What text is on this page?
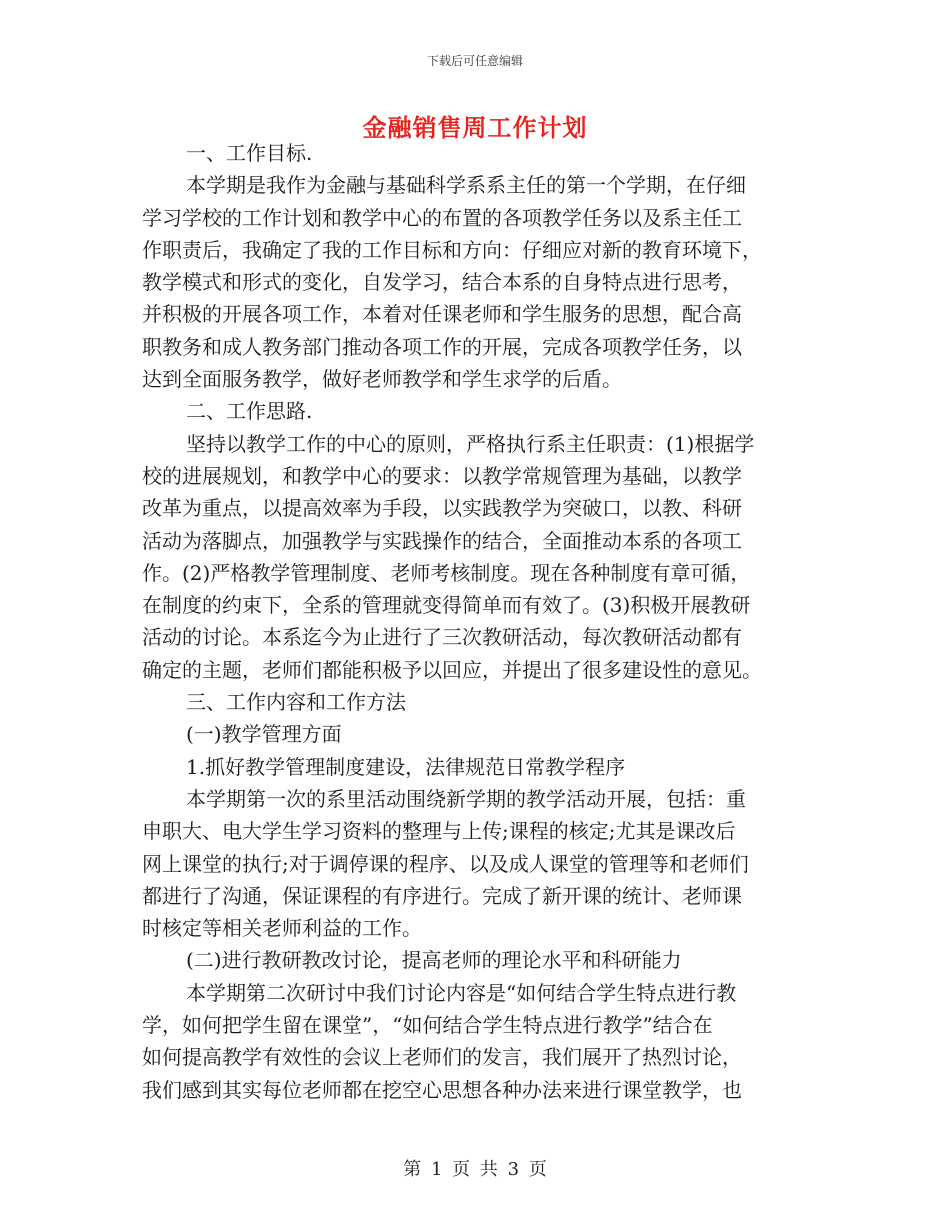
下载后可任意编辑
金融销售周工作计划
一、工作目标.
本学期是我作为金融与基础科学系系主任的第一个学期，在仔细
学习学校的工作计划和教学中心的布置的各项教学任务以及系主任工
作职责后，我确定了我的工作目标和方向：仔细应对新的教育环境下，
教学模式和形式的变化，自发学习，结合本系的自身特点进行思考，
并积极的开展各项工作，本着对任课老师和学生服务的思想，配合高
职教务和成人教务部门推动各项工作的开展，完成各项教学任务，以
达到全面服务教学，做好老师教学和学生求学的后盾。
二、工作思路.
坚持以教学工作的中心的原则，严格执行系主任职责：(1)根据学
校的进展规划，和教学中心的要求：以教学常规管理为基础，以教学
改革为重点，以提高效率为手段，以实践教学为突破口，以教、科研
活动为落脚点，加强教学与实践操作的结合，全面推动本系的各项工
作。(2)严格教学管理制度、老师考核制度。现在各种制度有章可循，
在制度的约束下，全系的管理就变得简单而有效了。(3)积极开展教研
活动的讨论。本系迄今为止进行了三次教研活动，每次教研活动都有
确定的主题，老师们都能积极予以回应，并提出了很多建设性的意见。
三、工作内容和工作方法
(一)教学管理方面
1.抓好教学管理制度建设，法律规范日常教学程序
本学期第一次的系里活动围绕新学期的教学活动开展，包括：重
申职大、电大学生学习资料的整理与上传;课程的核定;尤其是课改后
网上课堂的执行;对于调停课的程序、以及成人课堂的管理等和老师们
都进行了沟通，保证课程的有序进行。完成了新开课的统计、老师课
时核定等相关老师利益的工作。
(二)进行教研教改讨论，提高老师的理论水平和科研能力
本学期第二次研讨中我们讨论内容是“如何结合学生特点进行教
学，如何把学生留在课堂”，“如何结合学生特点进行教学”结合在
如何提高教学有效性的会议上老师们的发言，我们展开了热烈讨论，
我们感到其实每位老师都在挖空心思想各种办法来进行课堂教学，也
第 1 页 共 3 页
